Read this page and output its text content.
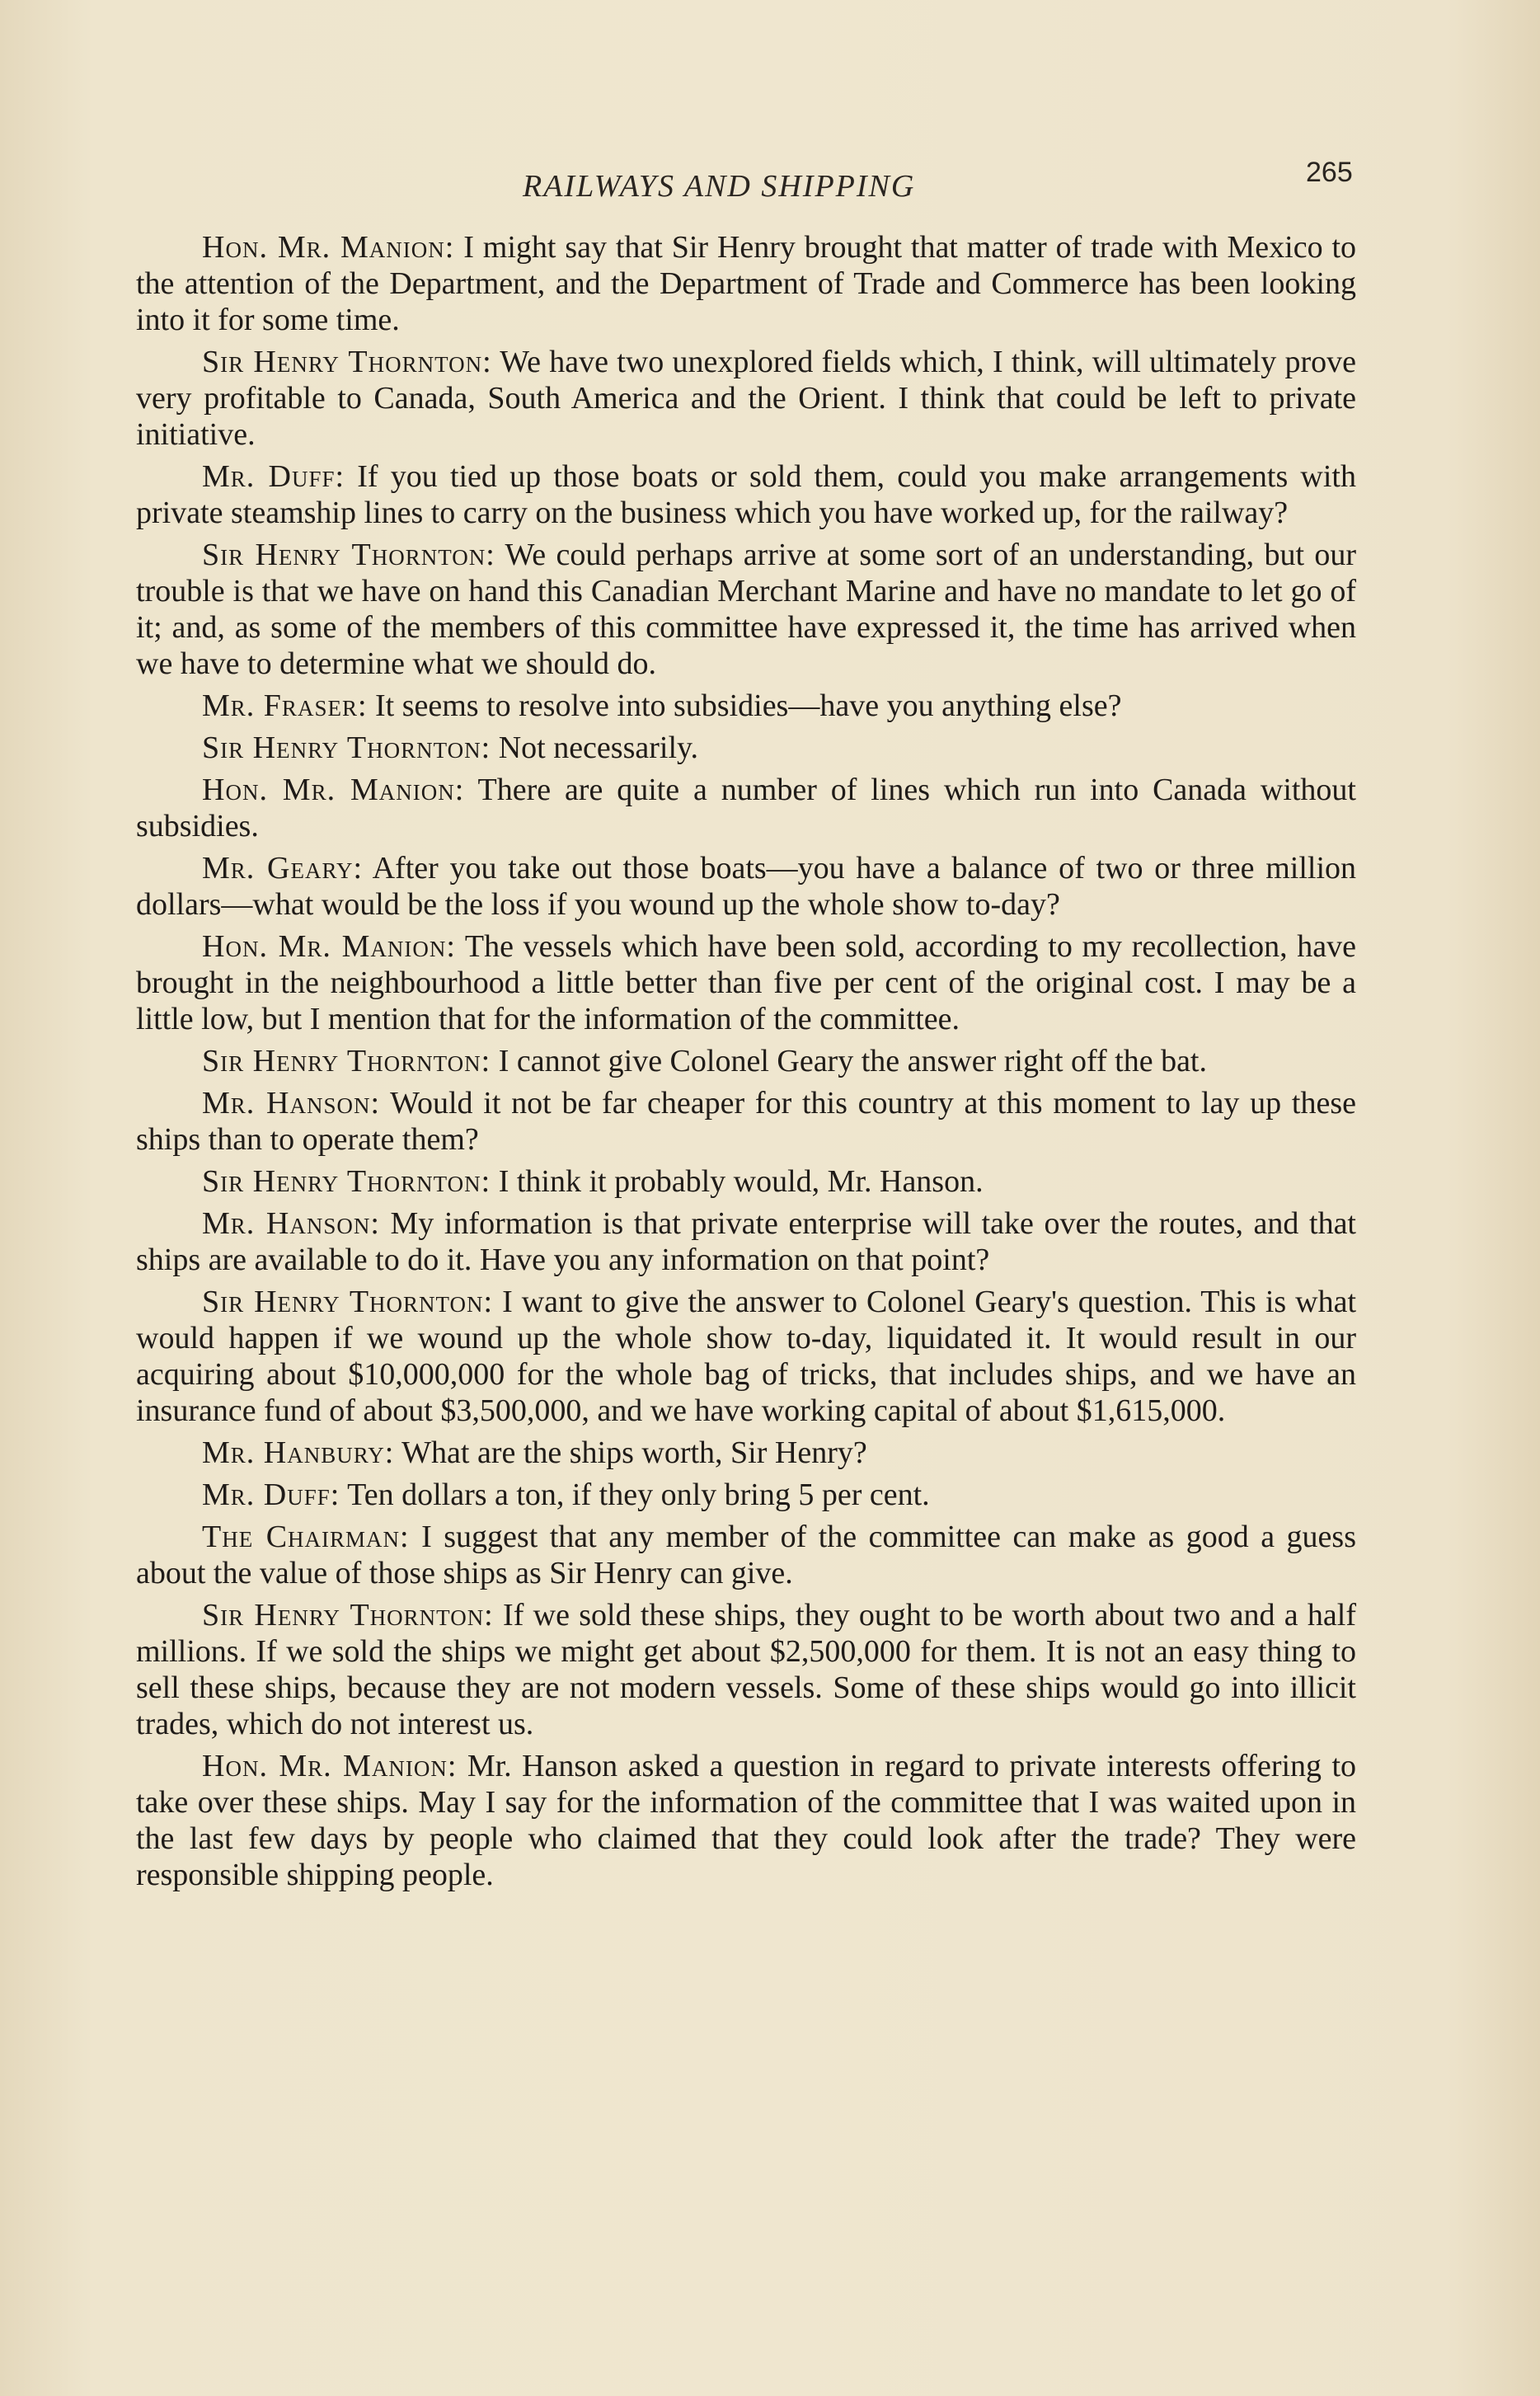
RAILWAYS AND SHIPPING	265

Hon. Mr. Manion: I might say that Sir Henry brought that matter of trade with Mexico to the attention of the Department, and the Department of Trade and Commerce has been looking into it for some time.

Sir Henry Thornton: We have two unexplored fields which, I think, will ultimately prove very profitable to Canada, South America and the Orient. I think that could be left to private initiative.

Mr. Duff: If you tied up those boats or sold them, could you make arrangements with private steamship lines to carry on the business which you have worked up, for the railway?

Sir Henry Thornton: We could perhaps arrive at some sort of an understanding, but our trouble is that we have on hand this Canadian Merchant Marine and have no mandate to let go of it; and, as some of the members of this committee have expressed it, the time has arrived when we have to determine what we should do.

Mr. Fraser: It seems to resolve into subsidies—have you anything else?

Sir Henry Thornton: Not necessarily.

Hon. Mr. Manion: There are quite a number of lines which run into Canada without subsidies.

Mr. Geary: After you take out those boats—you have a balance of two or three million dollars—what would be the loss if you wound up the whole show to-day?

Hon. Mr. Manion: The vessels which have been sold, according to my recollection, have brought in the neighbourhood a little better than five per cent of the original cost. I may be a little low, but I mention that for the information of the committee.

Sir Henry Thornton: I cannot give Colonel Geary the answer right off the bat.

Mr. Hanson: Would it not be far cheaper for this country at this moment to lay up these ships than to operate them?

Sir Henry Thornton: I think it probably would, Mr. Hanson.

Mr. Hanson: My information is that private enterprise will take over the routes, and that ships are available to do it. Have you any information on that point?

Sir Henry Thornton: I want to give the answer to Colonel Geary's question. This is what would happen if we wound up the whole show to-day, liquidated it. It would result in our acquiring about $10,000,000 for the whole bag of tricks, that includes ships, and we have an insurance fund of about $3,500,000, and we have working capital of about $1,615,000.

Mr. Hanbury: What are the ships worth, Sir Henry?

Mr. Duff: Ten dollars a ton, if they only bring 5 per cent.

The Chairman: I suggest that any member of the committee can make as good a guess about the value of those ships as Sir Henry can give.

Sir Henry Thornton: If we sold these ships, they ought to be worth about two and a half millions. If we sold the ships we might get about $2,500,000 for them. It is not an easy thing to sell these ships, because they are not modern vessels. Some of these ships would go into illicit trades, which do not interest us.

Hon. Mr. Manion: Mr. Hanson asked a question in regard to private interests offering to take over these ships. May I say for the information of the committee that I was waited upon in the last few days by people who claimed that they could look after the trade? They were responsible shipping people.
